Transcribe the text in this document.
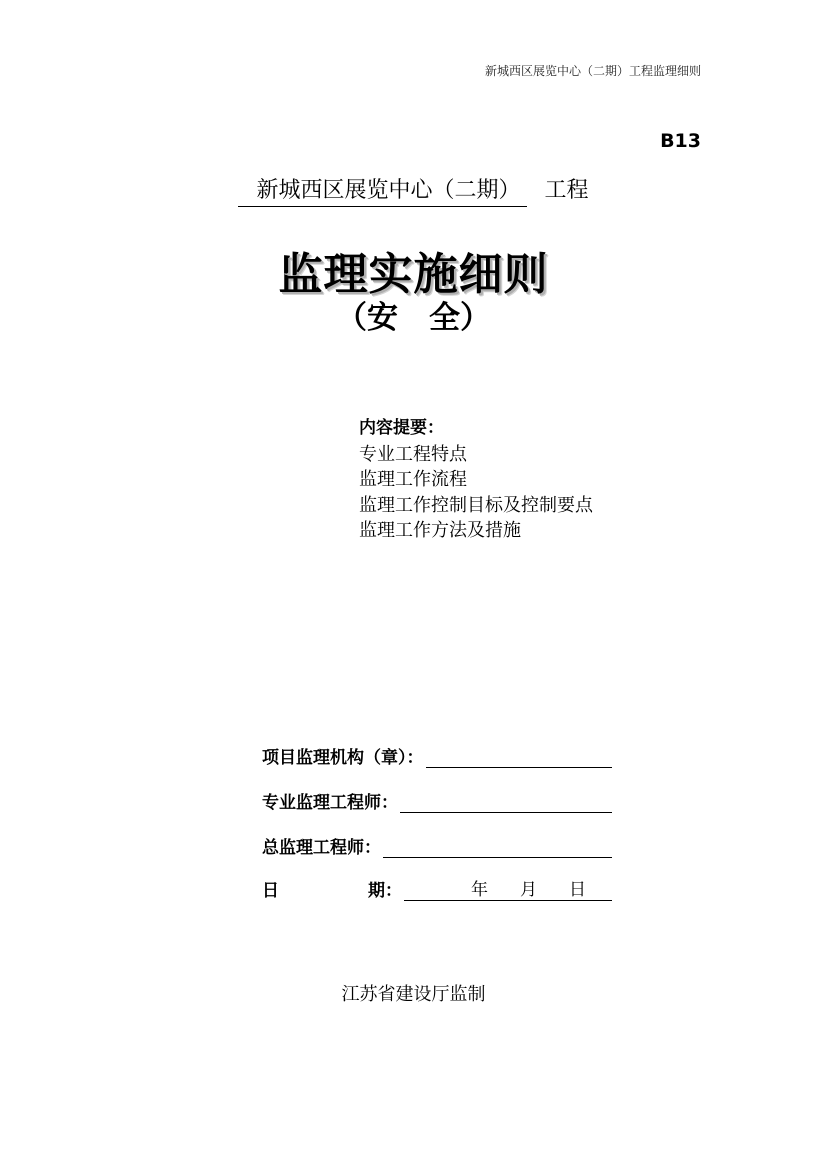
新城西区展览中心（二期）工程监理细则
B13
新城西区展览中心（二期） 工程
监理实施细则
（安　全）
内容提要：
专业工程特点
监理工作流程
监理工作控制目标及控制要点
监理工作方法及措施
项目监理机构（章）：
专业监理工程师：
总监理工程师：
日	期：	年 月 日
江苏省建设厅监制
